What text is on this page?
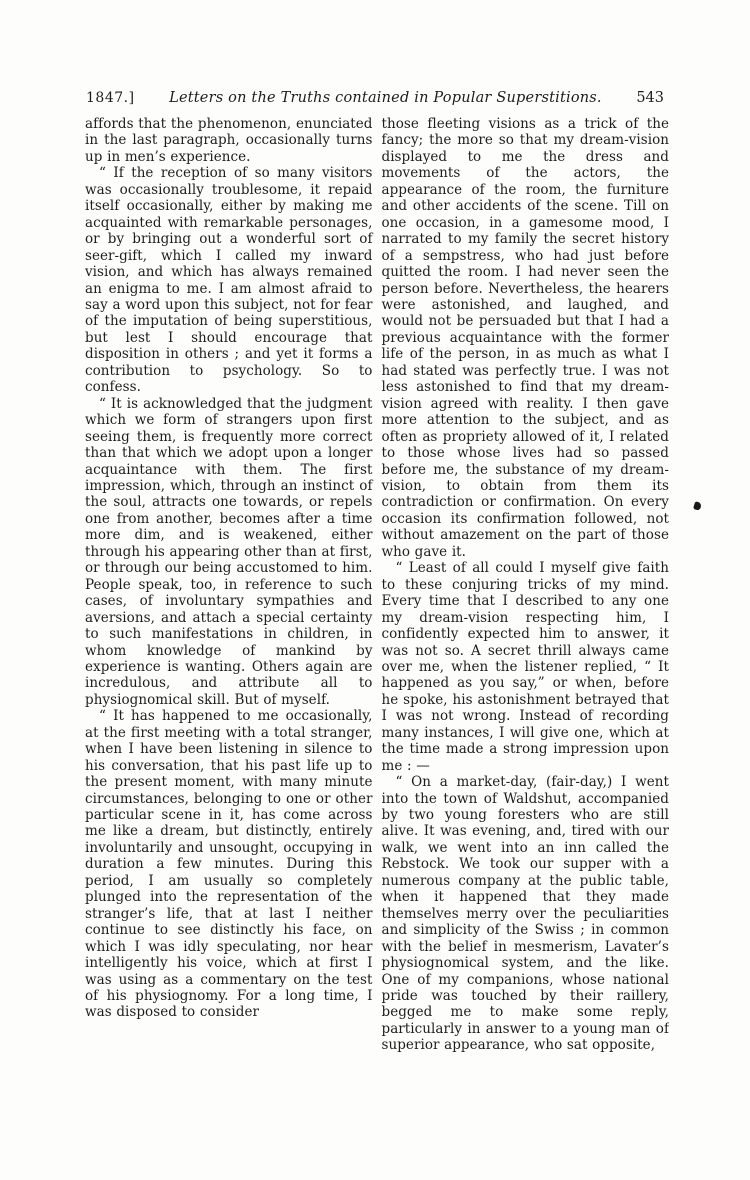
1847.]	Letters on the Truths contained in Popular Superstitions.	543

affords that the phenomenon, enunciated in the last paragraph, occasionally turns up in men’s experience.

“ If the reception of so many visitors was occasionally troublesome, it repaid itself occasionally, either by making me acquainted with remarkable personages, or by bringing out a wonderful sort of seer-gift, which I called my inward vision, and which has always remained an enigma to me. I am almost afraid to say a word upon this subject, not for fear of the imputation of being superstitious, but lest I should encourage that disposition in others ; and yet it forms a contribution to psychology. So to confess.

“ It is acknowledged that the judgment which we form of strangers upon first seeing them, is frequently more correct than that which we adopt upon a longer acquaintance with them. The first impression, which, through an instinct of the soul, attracts one towards, or repels one from another, becomes after a time more dim, and is weakened, either through his appearing other than at first, or through our being accustomed to him. People speak, too, in reference to such cases, of involuntary sympathies and aversions, and attach a special certainty to such manifestations in children, in whom knowledge of mankind by experience is wanting. Others again are incredulous, and attribute all to physiognomical skill. But of myself.

“ It has happened to me occasionally, at the first meeting with a total stranger, when I have been listening in silence to his conversation, that his past life up to the present moment, with many minute circumstances, belonging to one or other particular scene in it, has come across me like a dream, but distinctly, entirely involuntarily and unsought, occupying in duration a few minutes. During this period, I am usually so completely plunged into the representation of the stranger’s life, that at last I neither continue to see distinctly his face, on which I was idly speculating, nor hear intelligently his voice, which at first I was using as a commentary on the test of his physiognomy. For a long time, I was disposed to consider

those fleeting visions as a trick of the fancy; the more so that my dream-vision displayed to me the dress and movements of the actors, the appearance of the room, the furniture and other accidents of the scene. Till on one occasion, in a gamesome mood, I narrated to my family the secret history of a sempstress, who had just before quitted the room. I had never seen the person before. Nevertheless, the hearers were astonished, and laughed, and would not be persuaded but that I had a previous acquaintance with the former life of the person, in as much as what I had stated was perfectly true. I was not less astonished to find that my dream-vision agreed with reality. I then gave more attention to the subject, and as often as propriety allowed of it, I related to those whose lives had so passed before me, the substance of my dream-vision, to obtain from them its contradiction or confirmation. On every occasion its confirmation followed, not without amazement on the part of those who gave it.

“ Least of all could I myself give faith to these conjuring tricks of my mind. Every time that I described to any one my dream-vision respecting him, I confidently expected him to answer, it was not so. A secret thrill always came over me, when the listener replied, “ It happened as you say,” or when, before he spoke, his astonishment betrayed that I was not wrong. Instead of recording many instances, I will give one, which at the time made a strong impression upon me : —

“ On a market-day, (fair-day,) I went into the town of Waldshut, accompanied by two young foresters who are still alive. It was evening, and, tired with our walk, we went into an inn called the Rebstock. We took our supper with a numerous company at the public table, when it happened that they made themselves merry over the peculiarities and simplicity of the Swiss ; in common with the belief in mesmerism, Lavater’s physiognomical system, and the like. One of my companions, whose national pride was touched by their raillery, begged me to make some reply, particularly in answer to a young man of superior appearance, who sat opposite,
